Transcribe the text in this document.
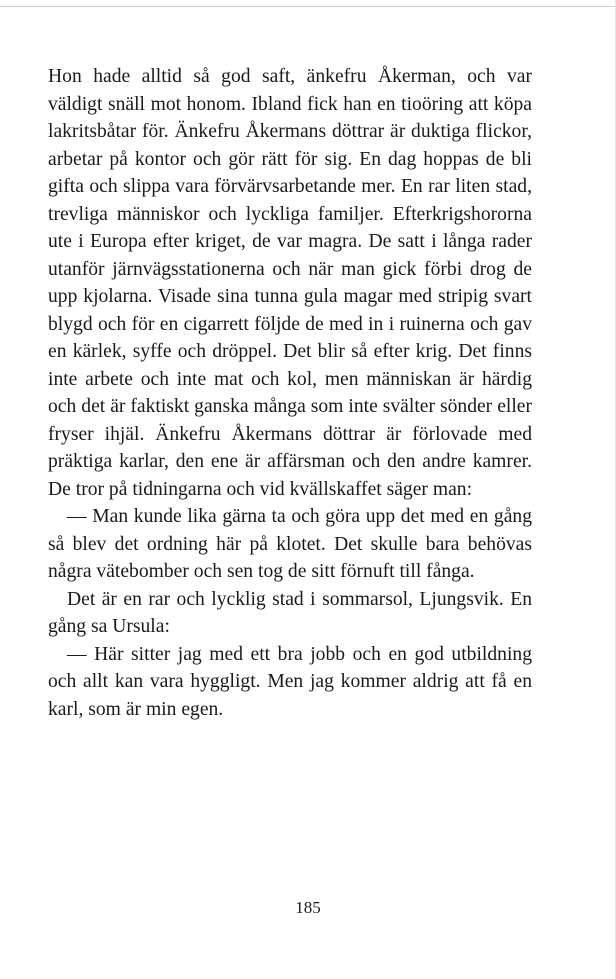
Hon hade alltid så god saft, änkefru Åkerman, och var väldigt snäll mot honom. Ibland fick han en tioöring att köpa lakritsbåtar för. Änkefru Åkermans döttrar är duktiga flickor, arbetar på kontor och gör rätt för sig. En dag hoppas de bli gifta och slippa vara förvärvsarbetande mer. En rar liten stad, trevliga människor och lyckliga familjer. Efterkrigshororna ute i Europa efter kriget, de var magra. De satt i långa rader utanför järnvägsstationerna och när man gick förbi drog de upp kjolarna. Visade sina tunna gula magar med stripig svart blygd och för en cigarrett följde de med in i ruinerna och gav en kärlek, syffe och dröppel. Det blir så efter krig. Det finns inte arbete och inte mat och kol, men människan är härdig och det är faktiskt ganska många som inte svälter sönder eller fryser ihjäl. Änkefru Åkermans döttrar är förlovade med präktiga karlar, den ene är affärsman och den andre kamrer. De tror på tidningarna och vid kvällskaffet säger man:

— Man kunde lika gärna ta och göra upp det med en gång så blev det ordning här på klotet. Det skulle bara behövas några vätebomber och sen tog de sitt förnuft till fånga.

Det är en rar och lycklig stad i sommarsol, Ljungsvik. En gång sa Ursula:

— Här sitter jag med ett bra jobb och en god utbildning och allt kan vara hyggligt. Men jag kommer aldrig att få en karl, som är min egen.

185
